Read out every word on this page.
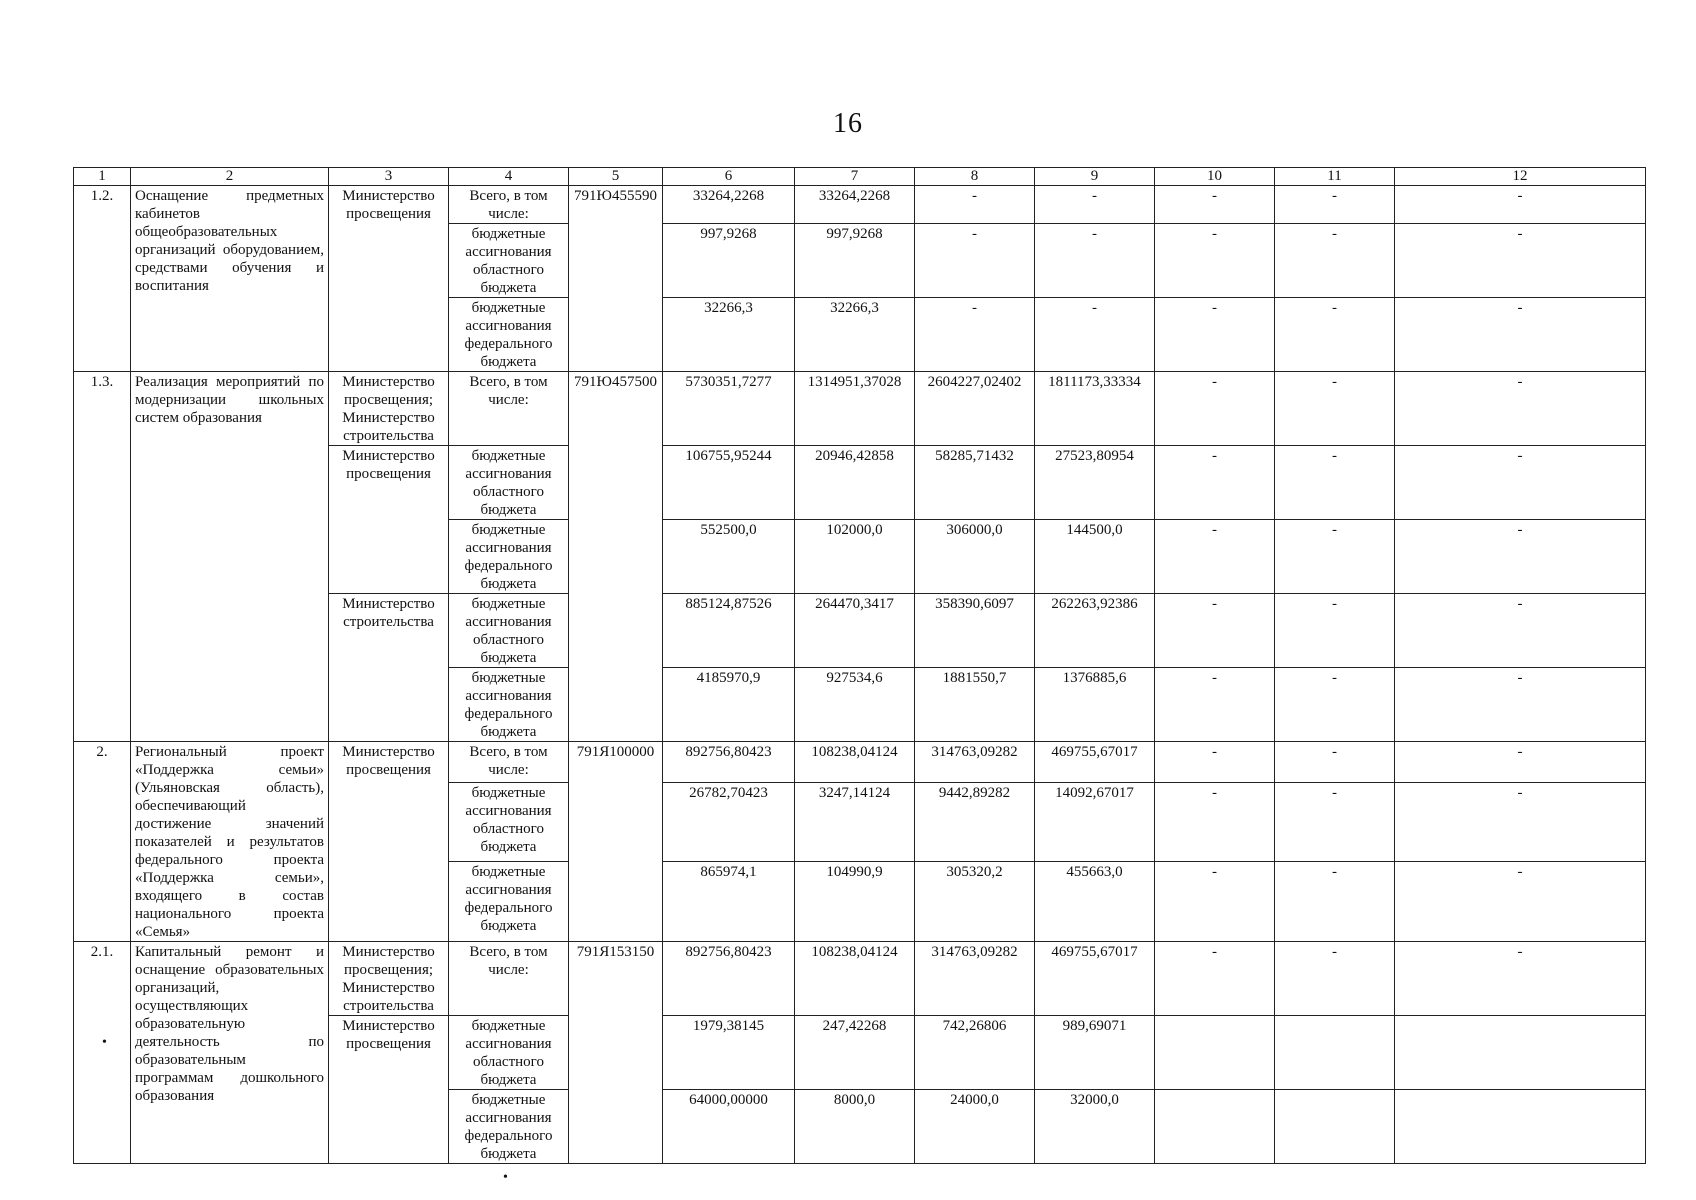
16
1	2	3	4	5	6	7	8	9	10	11	12
1.2.	Оснащение предметных кабинетов общеобразовательных организаций оборудованием, средствами обучения и воспитания	Министерство просвещения	Всего, в том числе:	791Ю455590	33264,2268	33264,2268	-	-	-	-	-
			бюджетные ассигнования областного бюджета		997,9268	997,9268	-	-	-	-	-
			бюджетные ассигнования федерального бюджета		32266,3	32266,3	-	-	-	-	-
1.3.	Реализация мероприятий по модернизации школьных систем образования	Министерство просвещения; Министерство строительства	Всего, в том числе:	791Ю457500	5730351,7277	1314951,37028	2604227,02402	1811173,33334	-	-	-
		Министерство просвещения	бюджетные ассигнования областного бюджета		106755,95244	20946,42858	58285,71432	27523,80954	-	-	-
			бюджетные ассигнования федерального бюджета		552500,0	102000,0	306000,0	144500,0	-	-	-
		Министерство строительства	бюджетные ассигнования областного бюджета		885124,87526	264470,3417	358390,6097	262263,92386	-	-	-
			бюджетные ассигнования федерального бюджета		4185970,9	927534,6	1881550,7	1376885,6	-	-	-
2.	Региональный проект «Поддержка семьи» (Ульяновская область), обеспечивающий достижение значений показателей и результатов федерального проекта «Поддержка семьи», входящего в состав национального проекта «Семья»	Министерство просвещения	Всего, в том числе:	791Я100000	892756,80423	108238,04124	314763,09282	469755,67017	-	-	-
			бюджетные ассигнования областного бюджета		26782,70423	3247,14124	9442,89282	14092,67017	-	-	-
			бюджетные ассигнования федерального бюджета		865974,1	104990,9	305320,2	455663,0	-	-	-
2.1.	Капитальный ремонт и оснащение образовательных организаций, осуществляющих образовательную деятельность по образовательным программам дошкольного образования	Министерство просвещения; Министерство строительства	Всего, в том числе:	791Я153150	892756,80423	108238,04124	314763,09282	469755,67017	-	-	-
		Министерство просвещения	бюджетные ассигнования областного бюджета		1979,38145	247,42268	742,26806	989,69071			
			бюджетные ассигнования федерального бюджета		64000,00000	8000,0	24000,0	32000,0			
•
•
